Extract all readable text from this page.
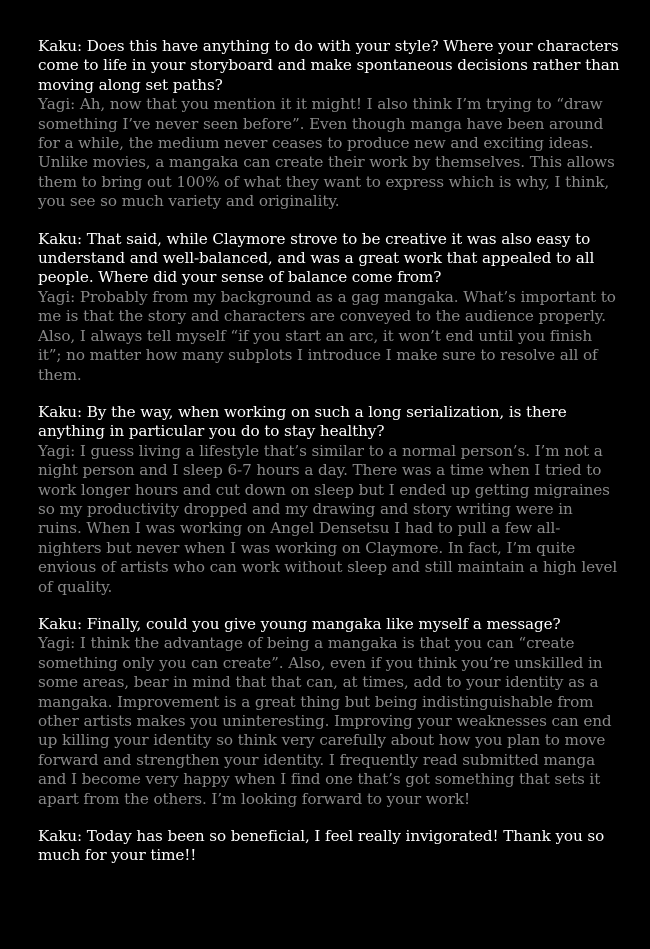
Kaku: Does this have anything to do with your style? Where your characters come to life in your storyboard and make spontaneous decisions rather than moving along set paths?

Yagi: Ah, now that you mention it it might! I also think I’m trying to “draw something I’ve never seen before”. Even though manga have been around for a while, the medium never ceases to produce new and exciting ideas. Unlike movies, a mangaka can create their work by themselves. This allows them to bring out 100% of what they want to express which is why, I think, you see so much variety and originality.

Kaku: That said, while Claymore strove to be creative it was also easy to understand and well-balanced, and was a great work that appealed to all people. Where did your sense of balance come from?

Yagi: Probably from my background as a gag mangaka. What’s important to me is that the story and characters are conveyed to the audience properly. Also, I always tell myself “if you start an arc, it won’t end until you finish it”; no matter how many subplots I introduce I make sure to resolve all of them.

Kaku: By the way, when working on such a long serialization, is there anything in particular you do to stay healthy?

Yagi: I guess living a lifestyle that’s similar to a normal person’s. I’m not a night person and I sleep 6-7 hours a day. There was a time when I tried to work longer hours and cut down on sleep but I ended up getting migraines so my productivity dropped and my drawing and story writing were in ruins. When I was working on Angel Densetsu I had to pull a few all-nighters but never when I was working on Claymore. In fact, I’m quite envious of artists who can work without sleep and still maintain a high level of quality.

Kaku: Finally, could you give young mangaka like myself a message?

Yagi: I think the advantage of being a mangaka is that you can “create something only you can create”. Also, even if you think you’re unskilled in some areas, bear in mind that that can, at times, add to your identity as a mangaka. Improvement is a great thing but being indistinguishable from other artists makes you uninteresting. Improving your weaknesses can end up killing your identity so think very carefully about how you plan to move forward and strengthen your identity. I frequently read submitted manga and I become very happy when I find one that’s got something that sets it apart from the others. I’m looking forward to your work!

Kaku: Today has been so beneficial, I feel really invigorated! Thank you so much for your time!!
